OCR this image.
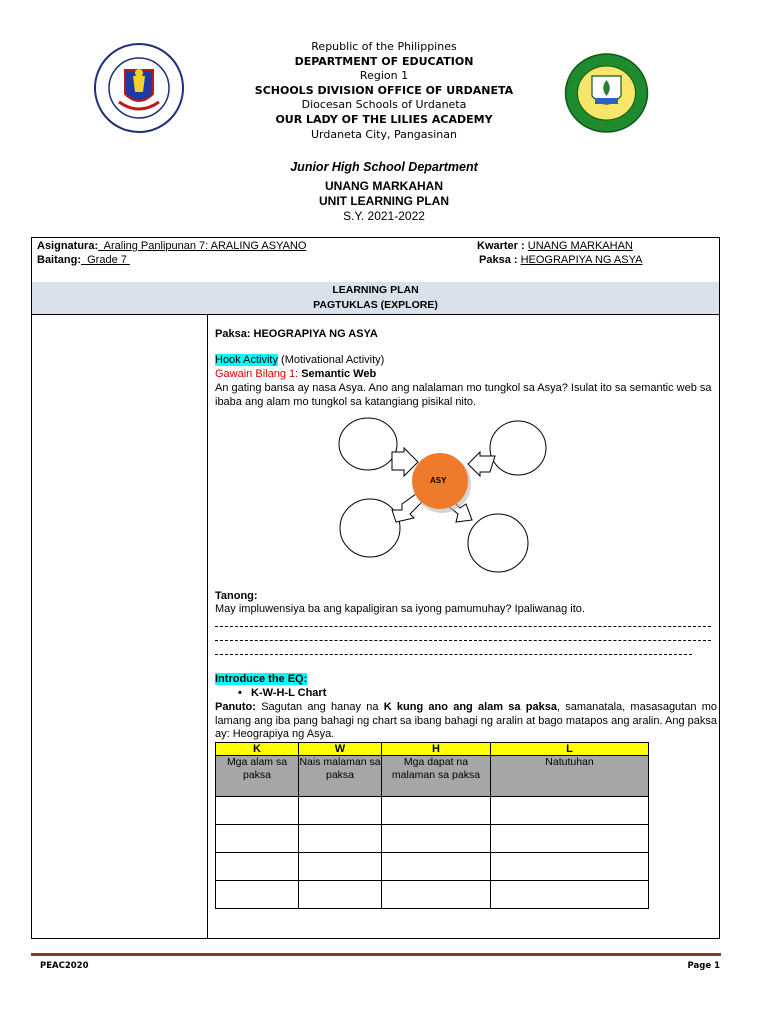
Republic of the Philippines
DEPARTMENT OF EDUCATION
Region 1
SCHOOLS DIVISION OFFICE OF URDANETA
Diocesan Schools of Urdaneta
OUR LADY OF THE LILIES ACADEMY
Urdaneta City, Pangasinan
Junior High School Department
UNANG MARKAHAN
UNIT LEARNING PLAN
S.Y. 2021-2022
Asignatura:  Araling Panlipunan 7: ARALING ASYANO
Baitang:  Grade 7
Kwarter : UNANG MARKAHAN
Paksa : HEOGRAPIYA NG ASYA
LEARNING PLAN
PAGTUKLAS (EXPLORE)
Paksa: HEOGRAPIYA NG ASYA
Hook Activity (Motivational Activity)
Gawain Bilang 1: Semantic Web
An gating bansa ay nasa Asya. Ano ang nalalaman mo tungkol sa Asya? Isulat ito sa semantic web sa ibaba ang alam mo tungkol sa katangiang pisikal nito.
ASY
Tanong:
May impluwensiya ba ang kapaligiran sa iyong pamumuhay? Ipaliwanag ito.
Introduce the EQ:
• K-W-H-L Chart
Panuto: Sagutan ang hanay na K kung ano ang alam sa paksa, samanatala, masasagutan mo lamang ang iba pang bahagi ng chart sa ibang bahagi ng aralin at bago matapos ang aralin. Ang paksa ay: Heograpiya ng Asya.
K	W	H	L
Mga alam sa paksa	Nais malaman sa paksa	Mga dapat na malaman sa paksa	Natutuhan

PEAC2020	Page 1
